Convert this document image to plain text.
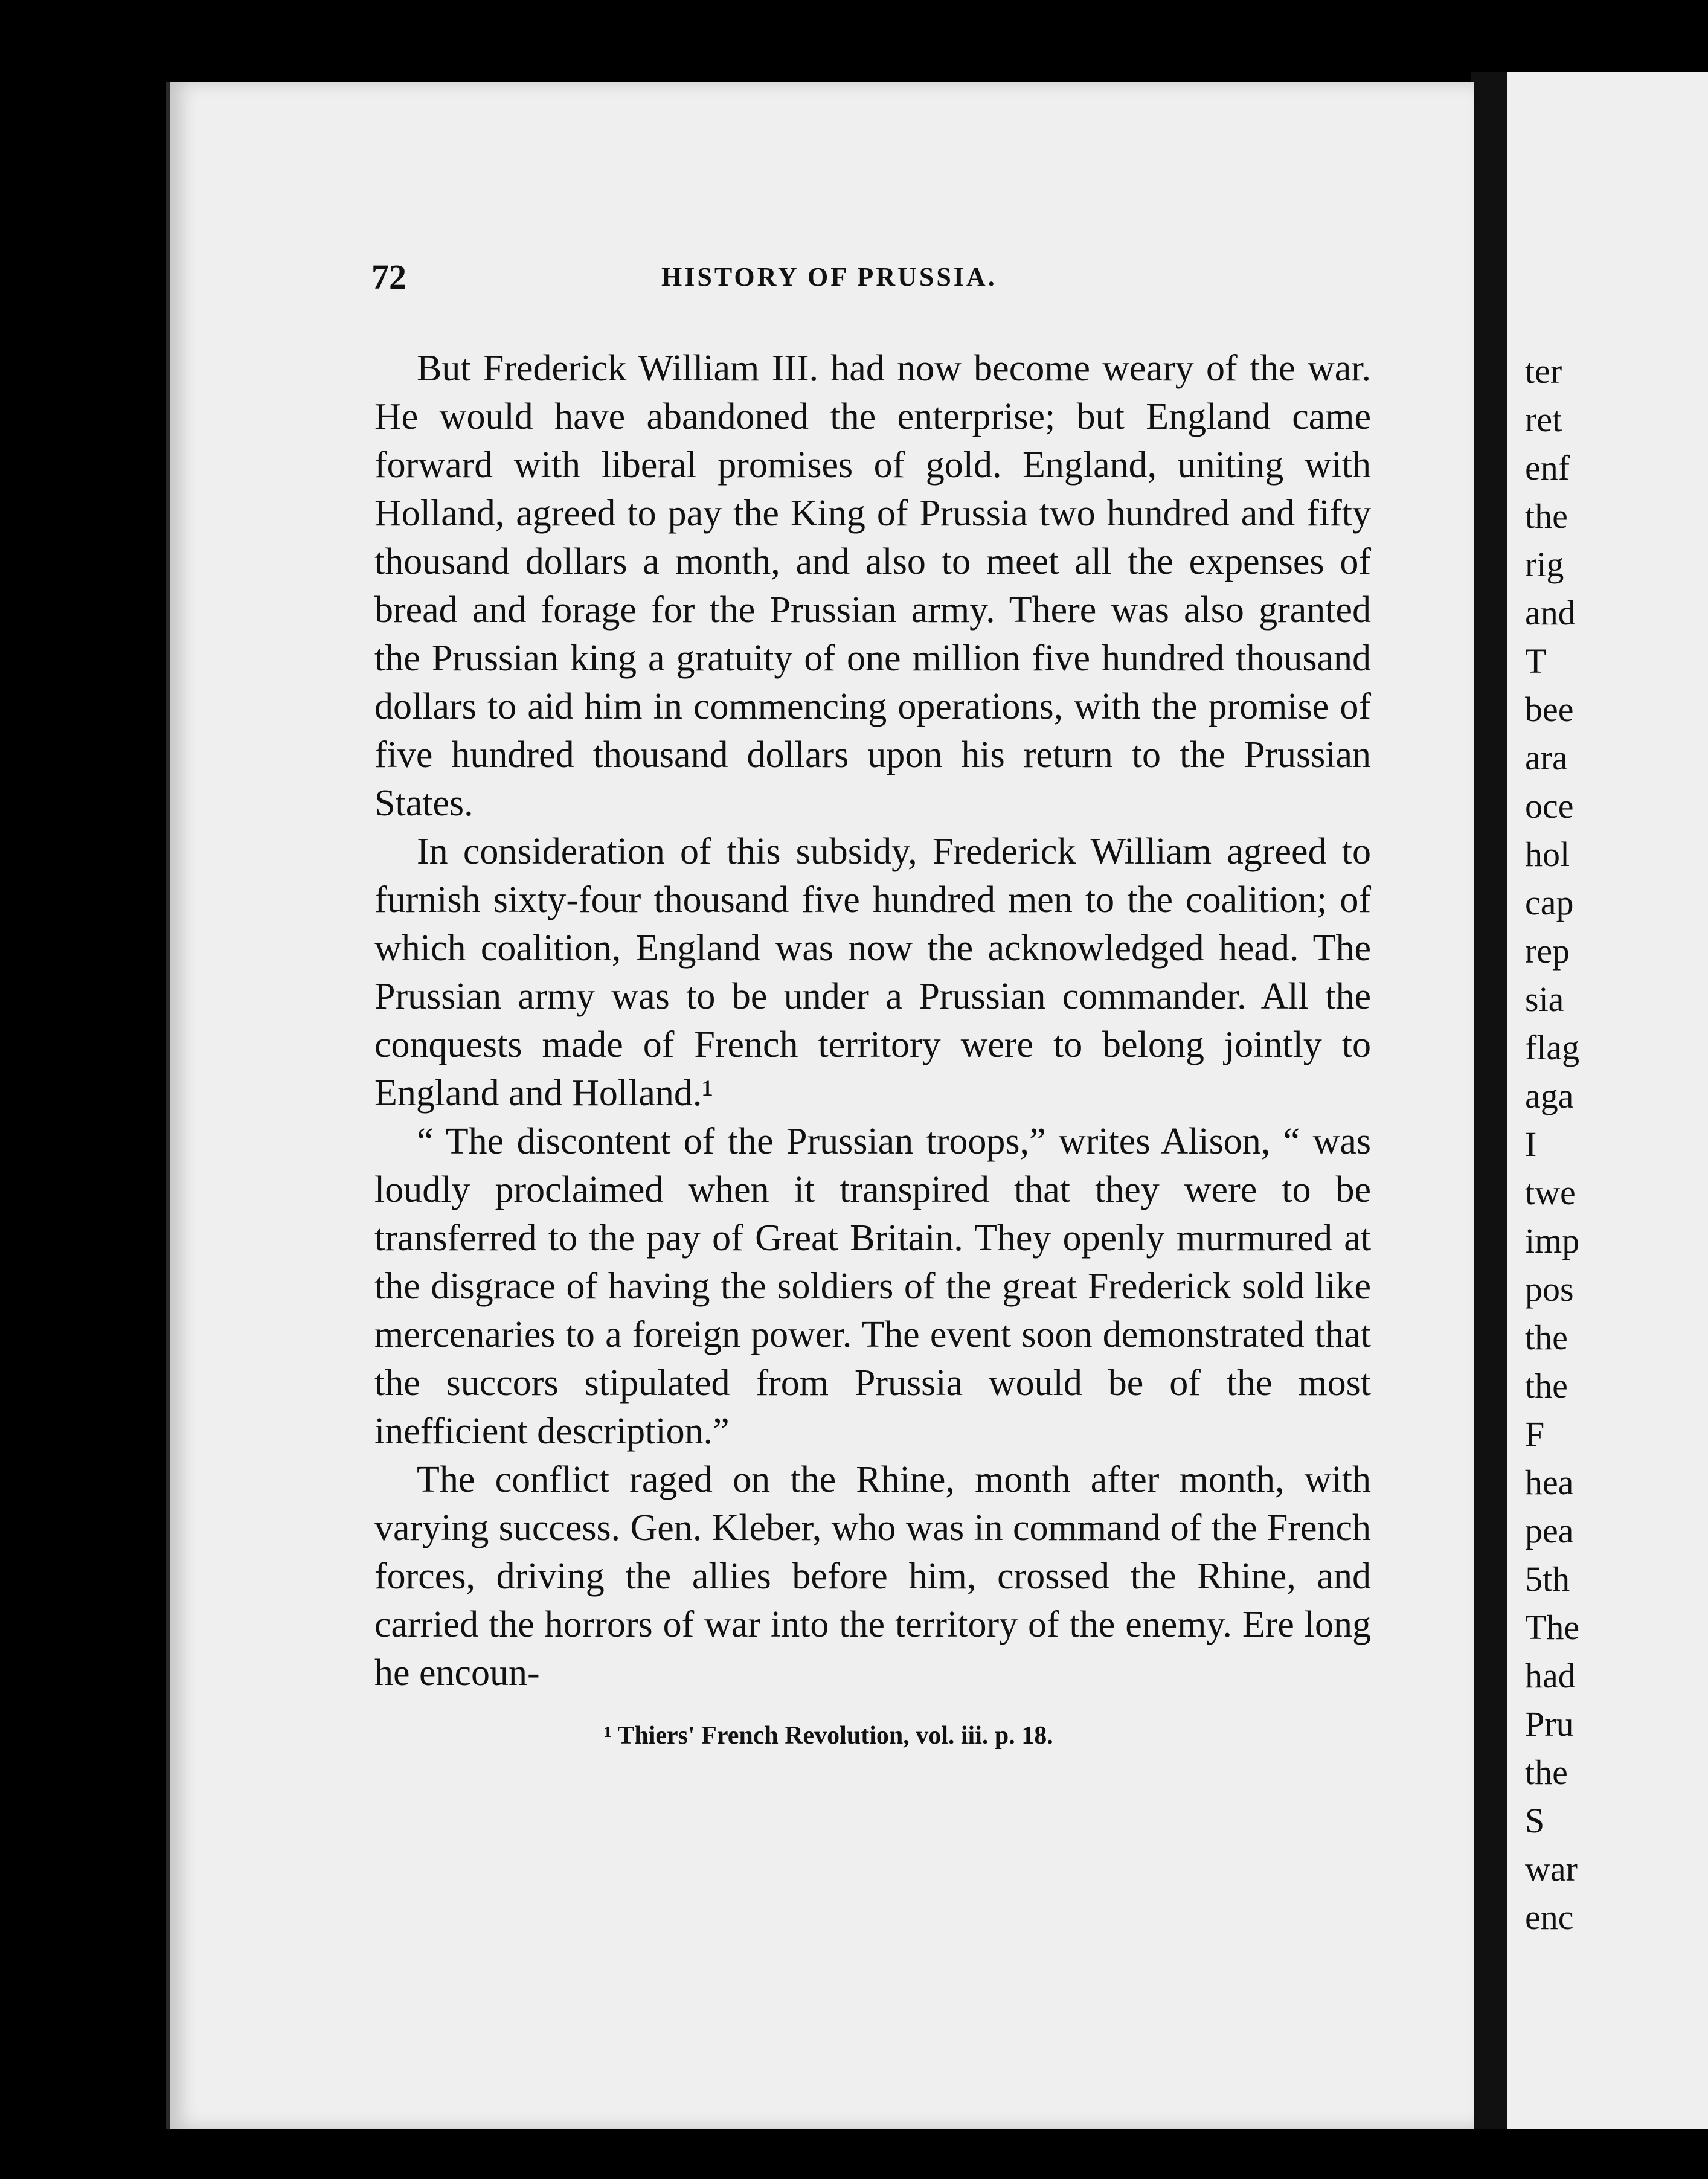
ter
ret
enf
the
rig
and
T
bee
ara
oce
hol
cap
rep
sia
flag
aga
I
twe
imp
pos
the
the
F
hea
pea
5th
The
had
Pru
the
S
war
enc
72	HISTORY OF PRUSSIA.

But Frederick William III. had now become weary of the war. He would have abandoned the enterprise; but England came forward with liberal promises of gold. England, uniting with Holland, agreed to pay the King of Prussia two hundred and fifty thousand dollars a month, and also to meet all the expenses of bread and forage for the Prussian army. There was also granted the Prussian king a gratuity of one million five hundred thousand dollars to aid him in commencing operations, with the promise of five hundred thousand dollars upon his return to the Prussian States.

In consideration of this subsidy, Frederick William agreed to furnish sixty-four thousand five hundred men to the coalition; of which coalition, England was now the acknowledged head. The Prussian army was to be under a Prussian commander. All the conquests made of French territory were to belong jointly to England and Holland.¹

“ The discontent of the Prussian troops,” writes Alison, “ was loudly proclaimed when it transpired that they were to be transferred to the pay of Great Britain. They openly murmured at the disgrace of having the soldiers of the great Frederick sold like mercenaries to a foreign power. The event soon demonstrated that the succors stipulated from Prussia would be of the most inefficient description.”

The conflict raged on the Rhine, month after month, with varying success. Gen. Kleber, who was in command of the French forces, driving the allies before him, crossed the Rhine, and carried the horrors of war into the territory of the enemy. Ere long he encoun-

¹ Thiers' French Revolution, vol. iii. p. 18.
